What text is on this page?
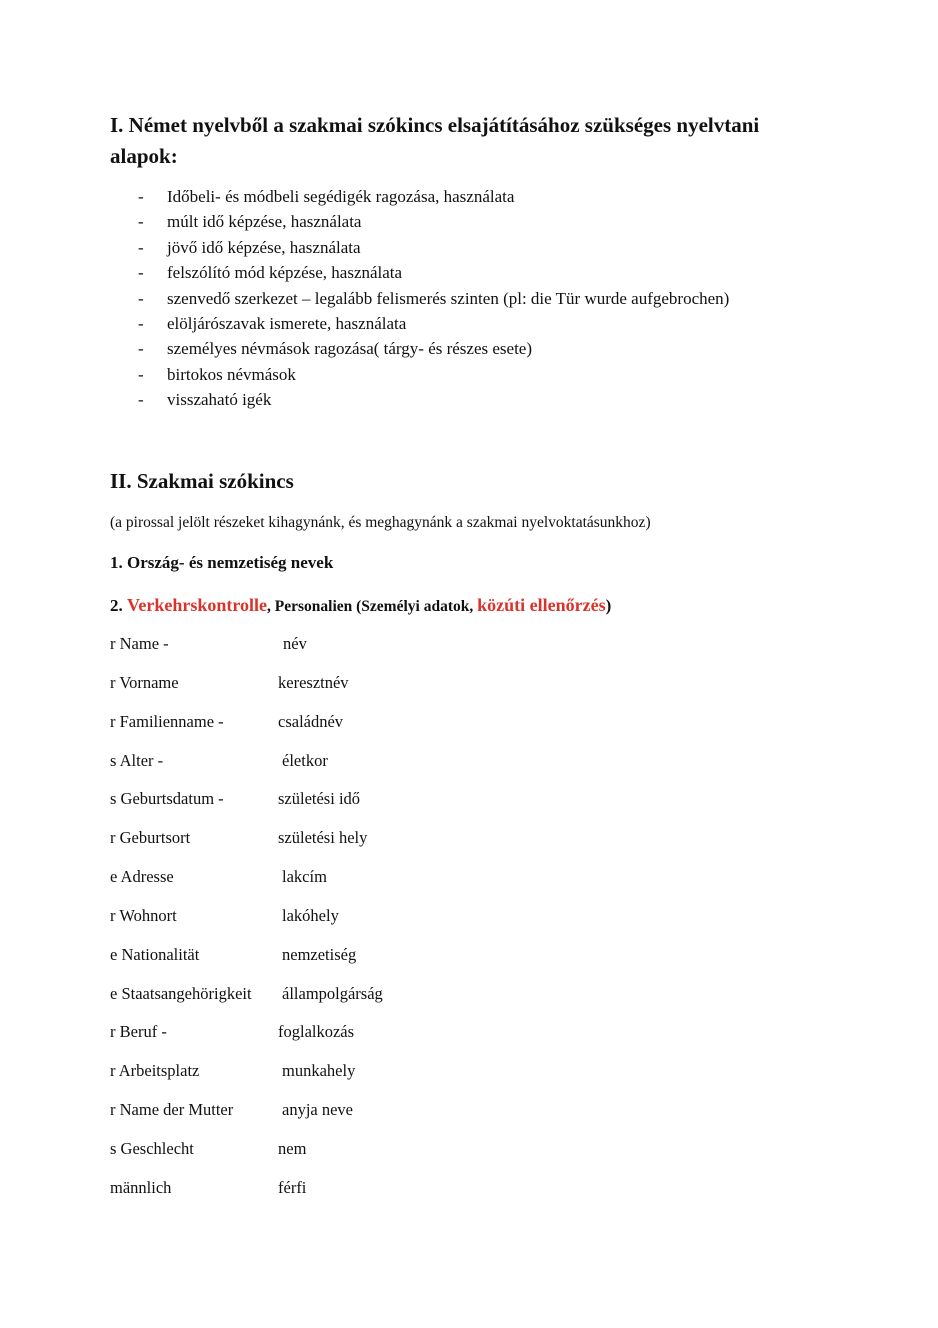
I. Német nyelvből a szakmai szókincs elsajátításához szükséges nyelvtani alapok:
- Időbeli- és módbeli segédigék ragozása, használata
- múlt idő képzése, használata
- jövő idő képzése, használata
- felszólító mód képzése, használata
- szenvedő szerkezet – legalább felismerés szinten (pl: die Tür wurde aufgebrochen)
- elöljárószavak ismerete, használata
- személyes névmások ragozása( tárgy- és részes esete)
- birtokos névmások
- visszaható igék
II. Szakmai szókincs
(a pirossal jelölt részeket kihagynánk, és meghagynánk a szakmai nyelvoktatásunkhoz)
1. Ország- és nemzetiség nevek
2. Verkehrskontrolle, Personalien (Személyi adatok, közúti ellenőrzés)
r Name -	név
r Vorname	keresztnév
r Familienname -	családnév
s Alter -	életkor
s Geburtsdatum -	születési idő
r Geburtsort	születési hely
e Adresse	lakcím
r Wohnort	lakóhely
e Nationalität	nemzetiség
e Staatsangehörigkeit állampolgárság
r Beruf -	foglalkozás
r Arbeitsplatz	munkahely
r Name der Mutter	anyja neve
s Geschlecht	nem
männlich	férfi
